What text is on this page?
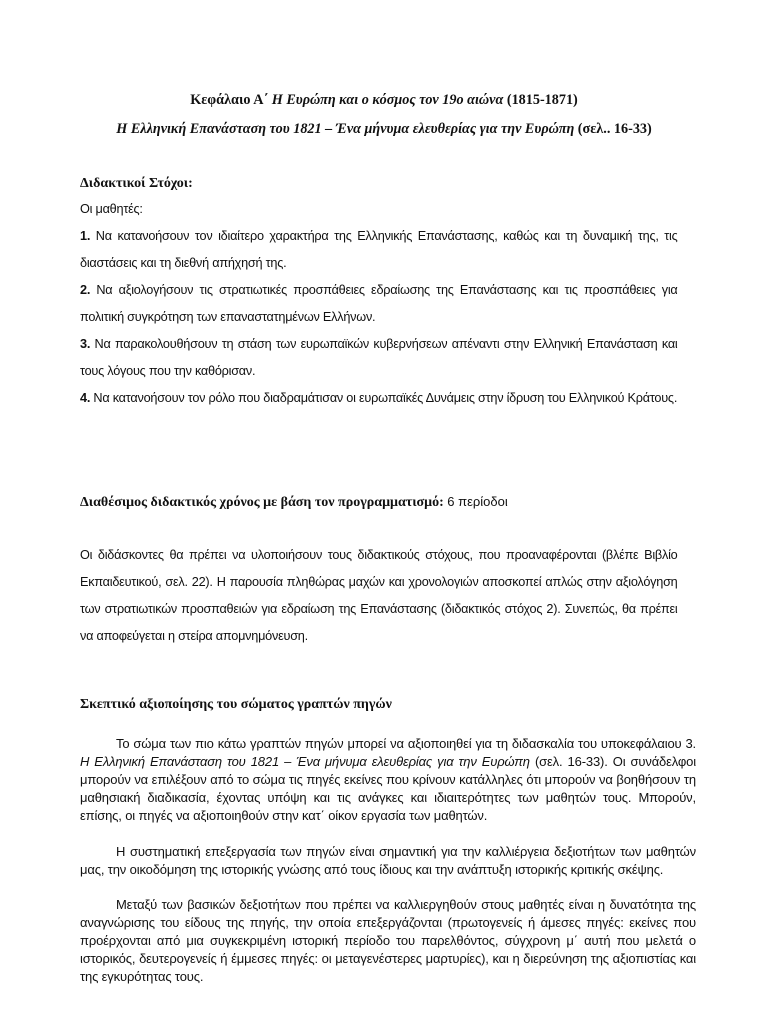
Κεφάλαιο Α΄ Η Ευρώπη και ο κόσμος τον 19ο αιώνα (1815-1871)
Η Ελληνική Επανάσταση του 1821 – Ένα μήνυμα ελευθερίας για την Ευρώπη (σελ.. 16-33)
Διδακτικοί Στόχοι:
Οι μαθητές:
1. Να κατανοήσουν τον ιδιαίτερο χαρακτήρα της Ελληνικής Επανάστασης, καθώς και τη δυναμική της, τις διαστάσεις και τη διεθνή απήχησή της.
2. Να αξιολογήσουν τις στρατιωτικές προσπάθειες εδραίωσης της Επανάστασης και τις προσπάθειες για πολιτική συγκρότηση των επαναστατημένων Ελλήνων.
3. Να παρακολουθήσουν τη στάση των ευρωπαϊκών κυβερνήσεων απέναντι στην Ελληνική Επανάσταση και τους λόγους που την καθόρισαν.
4. Να κατανοήσουν τον ρόλο που διαδραμάτισαν οι ευρωπαϊκές Δυνάμεις στην ίδρυση του Ελληνικού Κράτους.
Διαθέσιμος διδακτικός χρόνος με βάση τον προγραμματισμό: 6 περίοδοι
Οι διδάσκοντες θα πρέπει να υλοποιήσουν τους διδακτικούς στόχους, που προαναφέρονται (βλέπε Βιβλίο Εκπαιδευτικού, σελ. 22). Η παρουσία πληθώρας μαχών και χρονολογιών αποσκοπεί απλώς στην αξιολόγηση των στρατιωτικών προσπαθειών για εδραίωση της Επανάστασης (διδακτικός στόχος 2). Συνεπώς, θα πρέπει να αποφεύγεται η στείρα απομνημόνευση.
Σκεπτικό αξιοποίησης του σώματος γραπτών πηγών
Το σώμα των πιο κάτω γραπτών πηγών μπορεί να αξιοποιηθεί για τη διδασκαλία του υποκεφάλαιου 3. Η Ελληνική Επανάσταση του 1821 – Ένα μήνυμα ελευθερίας για την Ευρώπη (σελ. 16-33). Οι συνάδελφοι μπορούν να επιλέξουν από το σώμα τις πηγές εκείνες που κρίνουν κατάλληλες ότι μπορούν να βοηθήσουν τη μαθησιακή διαδικασία, έχοντας υπόψη και τις ανάγκες και ιδιαιτερότητες των μαθητών τους. Μπορούν, επίσης, οι πηγές να αξιοποιηθούν στην κατ΄ οίκον εργασία των μαθητών.
Η συστηματική επεξεργασία των πηγών είναι σημαντική για την καλλιέργεια δεξιοτήτων των μαθητών μας, την οικοδόμηση της ιστορικής γνώσης από τους ίδιους και την ανάπτυξη ιστορικής κριτικής σκέψης.
Μεταξύ των βασικών δεξιοτήτων που πρέπει να καλλιεργηθούν στους μαθητές είναι η δυνατότητα της αναγνώρισης του είδους της πηγής, την οποία επεξεργάζονται (πρωτογενείς ή άμεσες πηγές: εκείνες που προέρχονται από μια συγκεκριμένη ιστορική περίοδο του παρελθόντος, σύγχρονη μ΄ αυτή που μελετά ο ιστορικός, δευτερογενείς ή έμμεσες πηγές: οι μεταγενέστερες μαρτυρίες), και η διερεύνηση της αξιοπιστίας και της εγκυρότητας τους.
